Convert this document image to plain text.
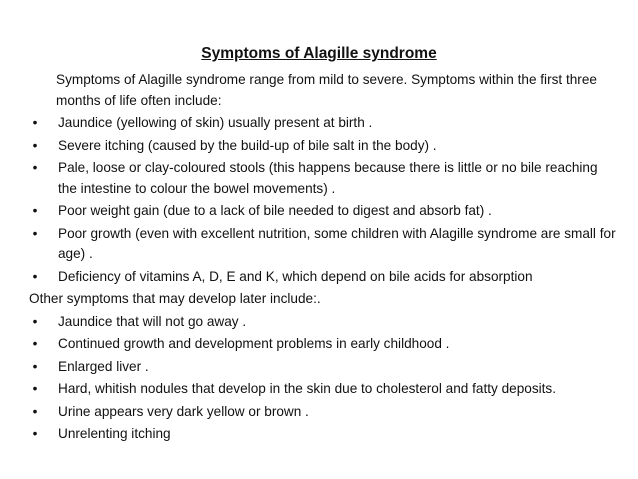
Symptoms of Alagille syndrome

Symptoms of Alagille syndrome range from mild to severe. Symptoms within the first three months of life often include:

• Jaundice (yellowing of skin) usually present at birth .
• Severe itching (caused by the build-up of bile salt in the body) .
• Pale, loose or clay-coloured stools (this happens because there is little or no bile reaching the intestine to colour the bowel movements) .
• Poor weight gain (due to a lack of bile needed to digest and absorb fat) .
• Poor growth (even with excellent nutrition, some children with Alagille syndrome are small for age) .
• Deficiency of vitamins A, D, E and K, which depend on bile acids for absorption

Other symptoms that may develop later include:.

• Jaundice that will not go away .
• Continued growth and development problems in early childhood .
• Enlarged liver .
• Hard, whitish nodules that develop in the skin due to cholesterol and fatty deposits.
• Urine appears very dark yellow or brown .
• Unrelenting itching
